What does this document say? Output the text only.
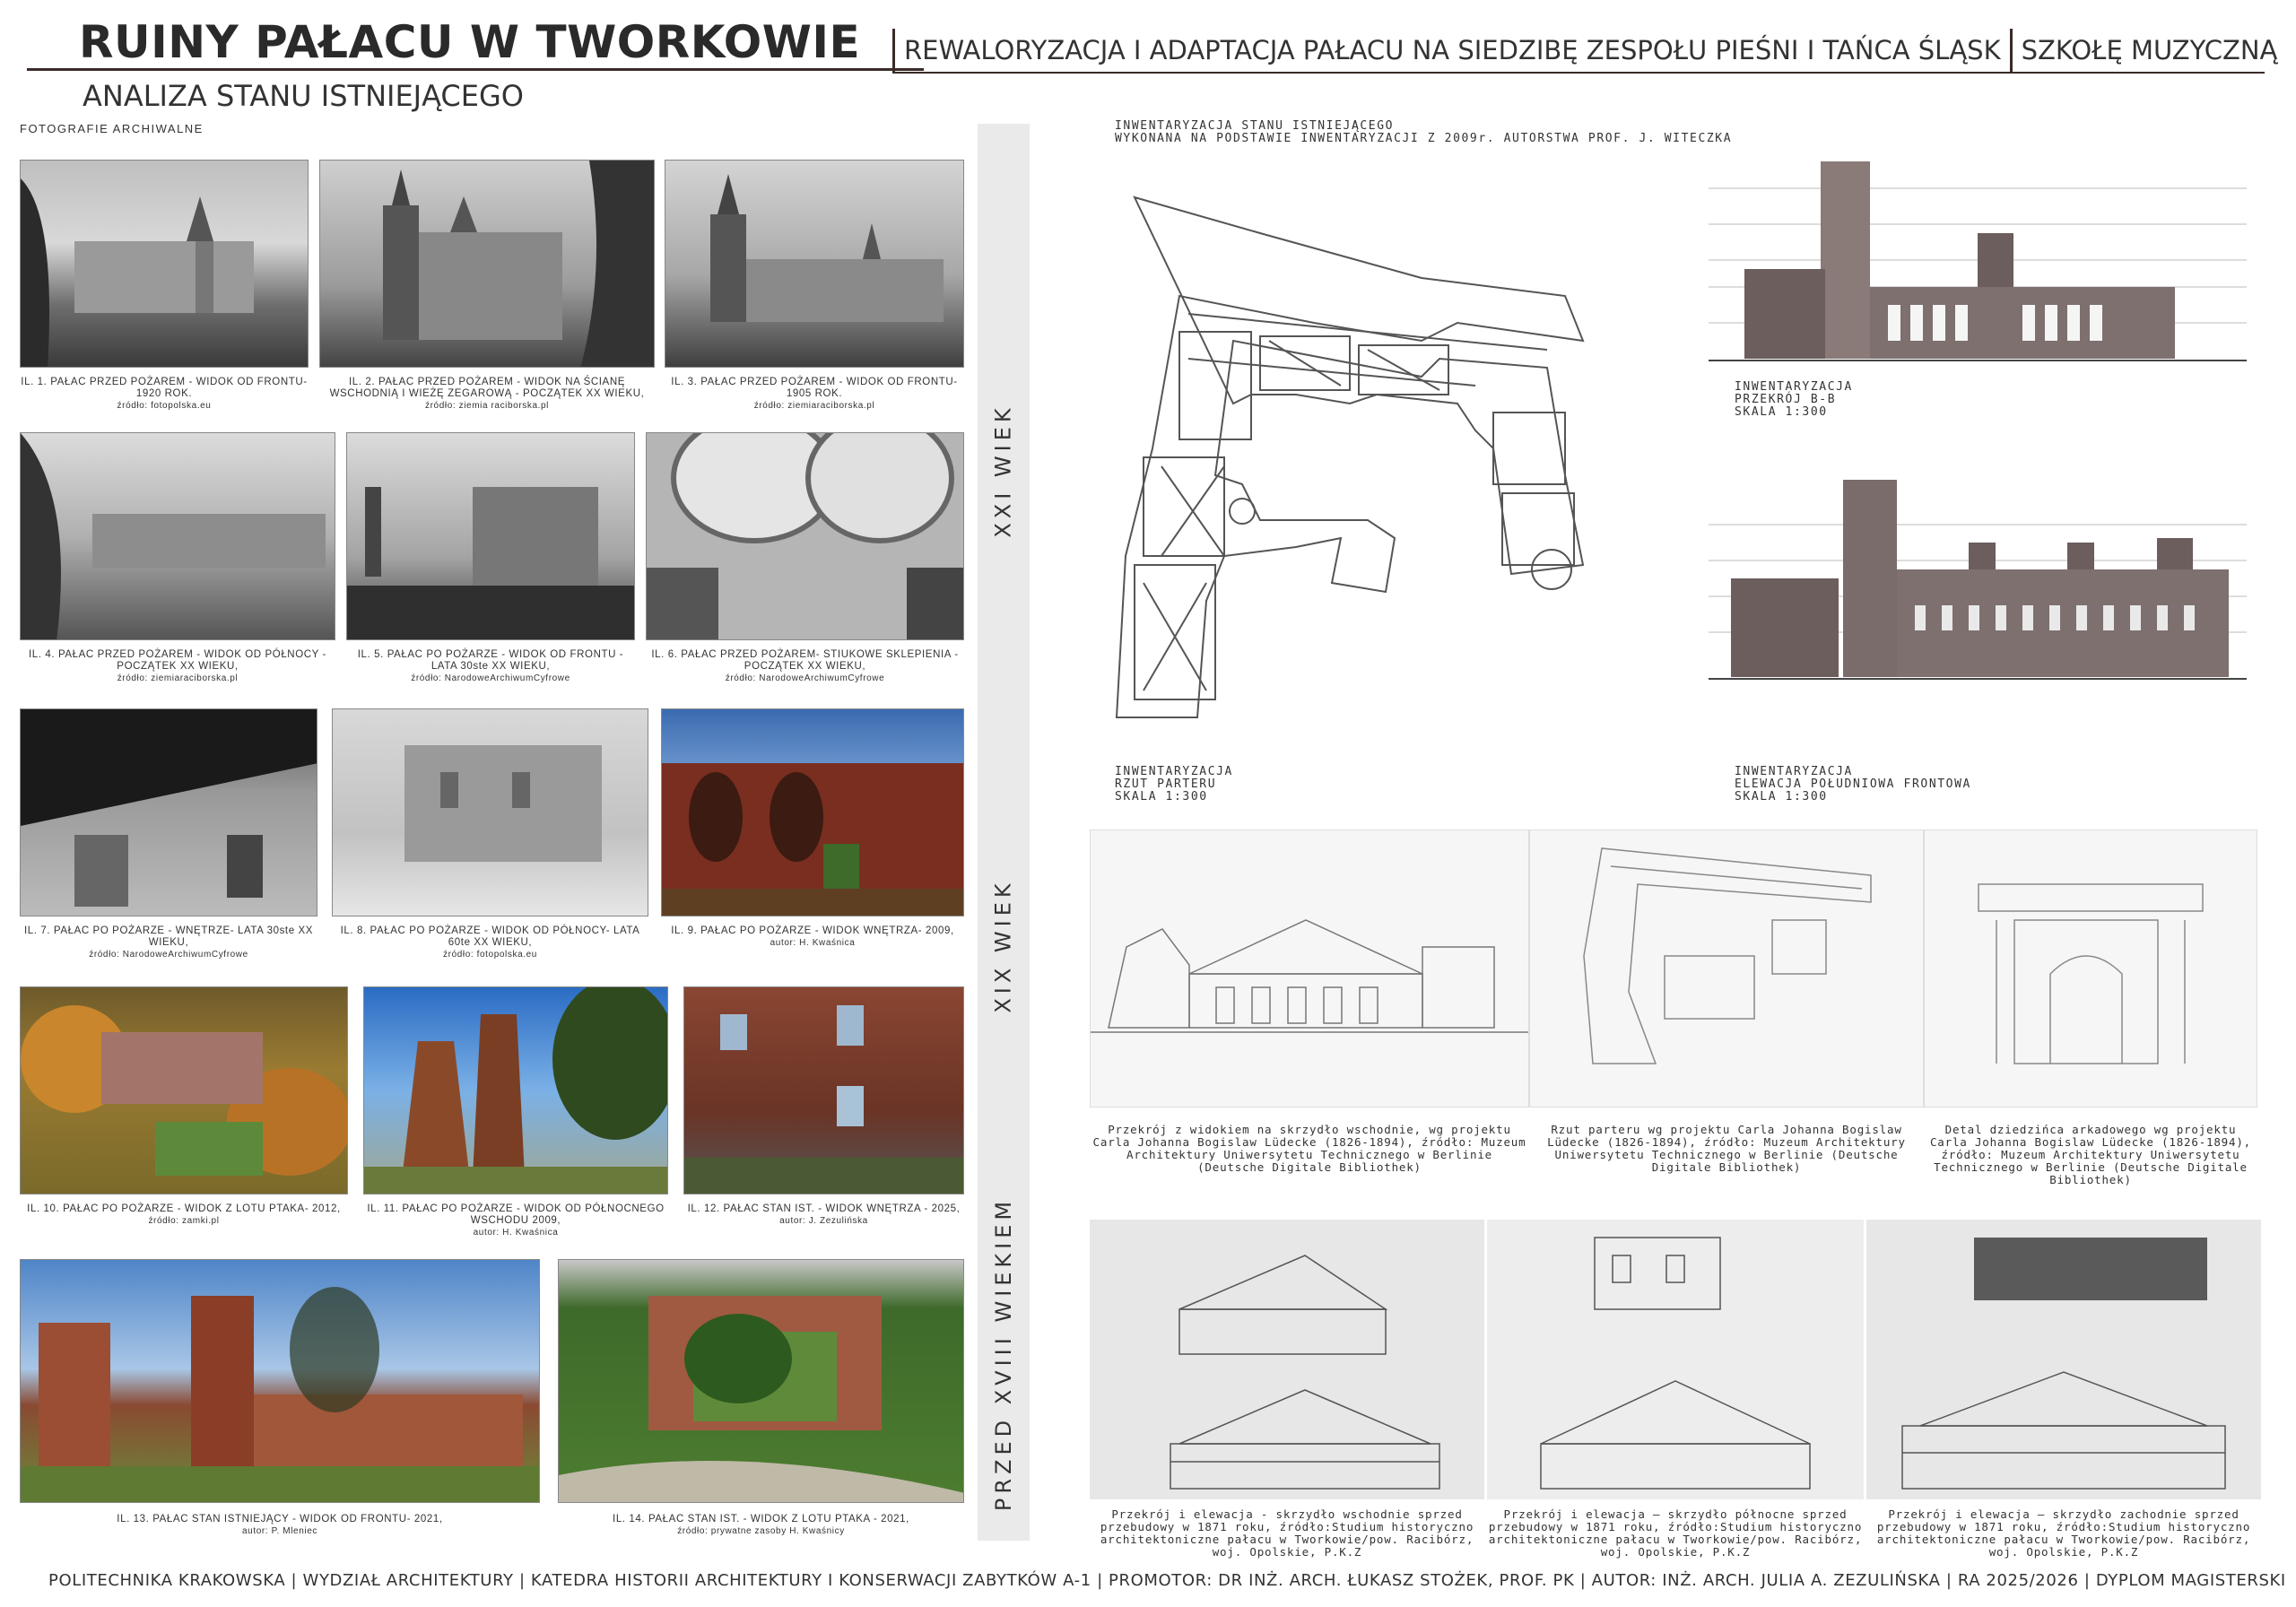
RUINY PAŁACU W TWORKOWIE
ANALIZA STANU ISTNIEJĄCEGO
REWALORYZACJA I ADAPTACJA PAŁACU NA SIEDZIBĘ ZESPOŁU PIEŚNI I TAŃCA ŚLĄSK SZKOŁĘ MUZYCZNĄ
FOTOGRAFIE ARCHIWALNE
IL. 1. PAŁAC PRZED POŻAREM - WIDOK OD FRONTU- 1920 ROK.
źródło: fotopolska.eu
IL. 2. PAŁAC PRZED POŻAREM - WIDOK NA ŚCIANĘ WSCHODNIĄ I WIEŻĘ ZEGAROWĄ - POCZĄTEK XX WIEKU,
źródło: ziemia raciborska.pl
IL. 3. PAŁAC PRZED POŻAREM - WIDOK OD FRONTU- 1905 ROK.
źródło: ziemiaraciborska.pl
IL. 4. PAŁAC PRZED POŻAREM - WIDOK OD PÓŁNOCY - POCZĄTEK XX WIEKU,
źródło: ziemiaraciborska.pl
IL. 5. PAŁAC PO POŻARZE - WIDOK OD FRONTU - LATA 30ste XX WIEKU,
źródło: NarodoweArchiwumCyfrowe
IL. 6. PAŁAC PRZED POŻAREM- STIUKOWE SKLEPIENIA - POCZĄTEK XX WIEKU,
źródło: NarodoweArchiwumCyfrowe
IL. 7. PAŁAC PO POŻARZE - WNĘTRZE- LATA 30ste XX WIEKU,
źródło: NarodoweArchiwumCyfrowe
IL. 8. PAŁAC PO POŻARZE - WIDOK OD PÓŁNOCY- LATA 60te XX WIEKU,
źródło: fotopolska.eu
IL. 9. PAŁAC PO POŻARZE - WIDOK WNĘTRZA- 2009,
autor: H. Kwaśnica
IL. 10. PAŁAC PO POŻARZE - WIDOK Z LOTU PTAKA- 2012,
źródło: zamki.pl
IL. 11. PAŁAC PO POŻARZE - WIDOK OD PÓŁNOCNEGO WSCHODU 2009,
autor: H. Kwaśnica
IL. 12. PAŁAC STAN IST. - WIDOK WNĘTRZA - 2025,
autor: J. Zezulińska
IL. 13. PAŁAC STAN ISTNIEJĄCY - WIDOK OD FRONTU- 2021,
autor: P. Mleniec
IL. 14. PAŁAC STAN IST. - WIDOK Z LOTU PTAKA - 2021,
źródło: prywatne zasoby H. Kwaśnicy
XXI WIEK
XIX WIEK
PRZED XVIII WIEKIEM
INWENTARYZACJA STANU ISTNIEJĄCEGO
WYKONANA NA PODSTAWIE INWENTARYZACJI Z 2009r. AUTORSTWA PROF. J. WITECZKA
INWENTARYZACJA
RZUT PARTERU
SKALA 1:300
INWENTARYZACJA
PRZEKRÓJ B-B
SKALA 1:300
INWENTARYZACJA
ELEWACJA POŁUDNIOWA FRONTOWA
SKALA 1:300
Przekrój z widokiem na skrzydło wschodnie, wg projektu Carla Johanna Bogislaw Lüdecke (1826-1894), źródło: Muzeum Architektury Uniwersytetu Technicznego w Berlinie (Deutsche Digitale Bibliothek)
Rzut parteru wg projektu Carla Johanna Bogislaw Lüdecke (1826-1894), źródło: Muzeum Architektury Uniwersytetu Technicznego w Berlinie (Deutsche Digitale Bibliothek)
Detal dziedzińca arkadowego wg projektu Carla Johanna Bogislaw Lüdecke (1826-1894), źródło: Muzeum Architektury Uniwersytetu Technicznego w Berlinie (Deutsche Digitale Bibliothek)
Przekrój i elewacja - skrzydło wschodnie sprzed przebudowy w 1871 roku, źródło:Studium historyczno architektoniczne pałacu w Tworkowie/pow. Racibórz, woj. Opolskie, P.K.Z
Przekrój i elewacja – skrzydło północne sprzed przebudowy w 1871 roku, źródło:Studium historyczno architektoniczne pałacu w Tworkowie/pow. Racibórz, woj. Opolskie, P.K.Z
Przekrój i elewacja – skrzydło zachodnie sprzed przebudowy w 1871 roku, źródło:Studium historyczno architektoniczne pałacu w Tworkowie/pow. Racibórz, woj. Opolskie, P.K.Z
POLITECHNIKA KRAKOWSKA | WYDZIAŁ ARCHITEKTURY | KATEDRA HISTORII ARCHITEKTURY I KONSERWACJI ZABYTKÓW A-1 | PROMOTOR: DR INŻ. ARCH. ŁUKASZ STOŻEK, PROF. PK | AUTOR: INŻ. ARCH. JULIA A. ZEZULIŃSKA | RA 2025/2026 | DYPLOM MAGISTERSKI
